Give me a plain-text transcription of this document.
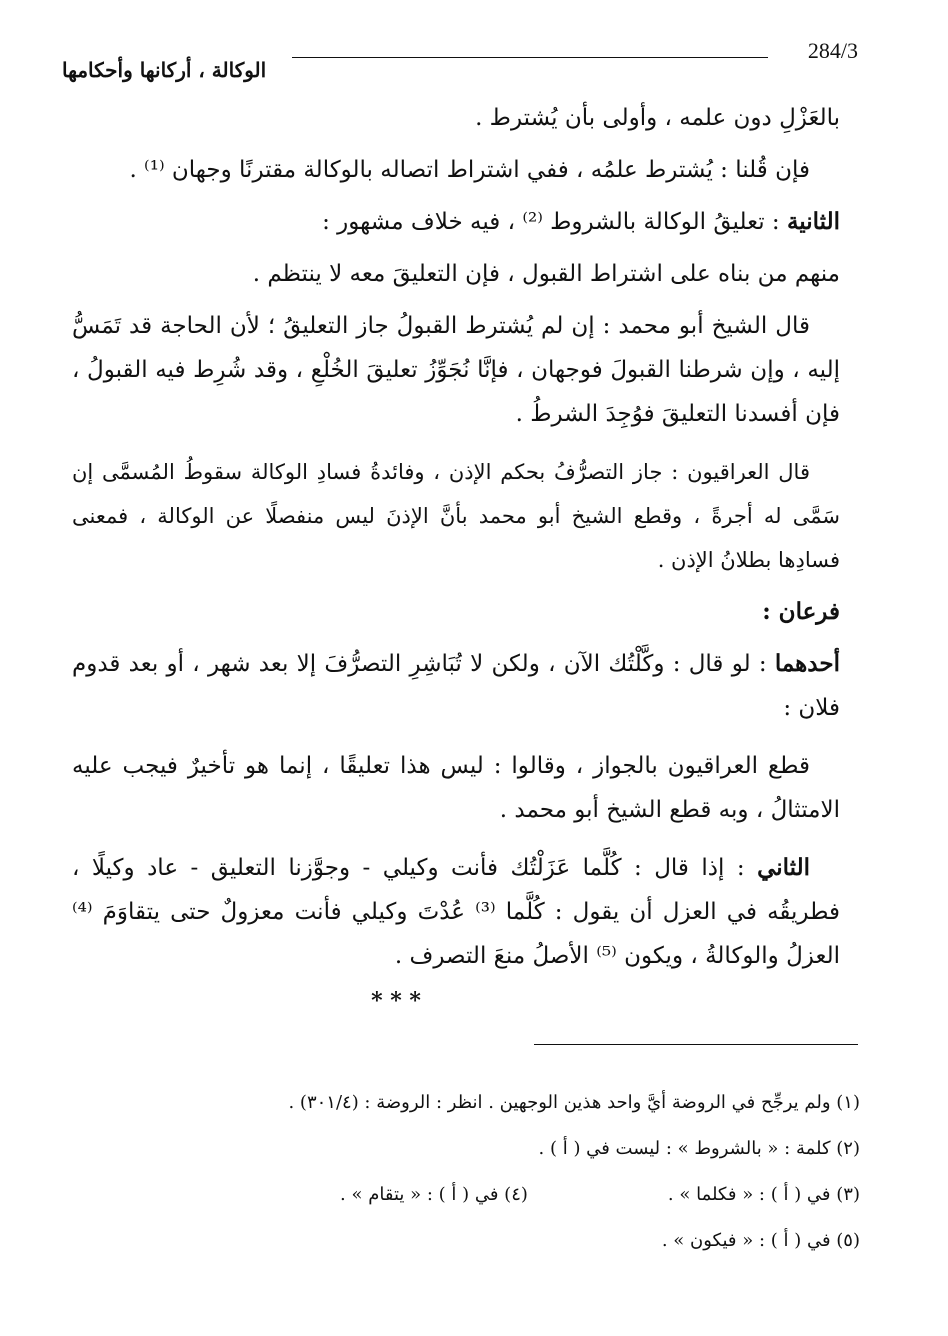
284/3
الوكالة ، أركانها وأحكامها

بالعَزْلِ دون علمه ، وأولى بأن يُشترط .

فإن قُلنا : يُشترط علمُه ، ففي اشتراط اتصاله بالوكالة مقترنًا وجهان ⁽¹⁾ .

الثانية : تعليقُ الوكالة بالشروط ⁽²⁾ ، فيه خلاف مشهور :

منهم من بناه على اشتراط القبول ، فإن التعليقَ معه لا ينتظم .

قال الشيخ أبو محمد : إن لم يُشترط القبولُ جاز التعليقُ ؛ لأن الحاجة قد تَمَسُّ إليه ، وإن شرطنا القبولَ فوجهان ، فإنَّا نُجَوِّزُ تعليقَ الخُلْعِ ، وقد شُرِط فيه القبولُ ، فإن أفسدنا التعليقَ فوُجِدَ الشرطُ .

قال العراقيون : جاز التصرُّفُ بحكم الإذن ، وفائدةُ فسادِ الوكالة سقوطُ المُسمَّى إن سَمَّى له أجرةً ، وقطع الشيخ أبو محمد بأنَّ الإذنَ ليس منفصلًا عن الوكالة ، فمعنى فسادِها بطلانُ الإذن .

فرعان :

أحدهما : لو قال : وكَّلْتُك الآن ، ولكن لا تُبَاشِرِ التصرُّفَ إلا بعد شهر ، أو بعد قدوم فلان :

قطع العراقيون بالجواز ، وقالوا : ليس هذا تعليقًا ، إنما هو تأخيرٌ فيجب عليه الامتثالُ ، وبه قطع الشيخ أبو محمد .

الثاني : إذا قال : كُلَّما عَزَلْتُك فأنت وكيلي - وجوَّزنا التعليق - عاد وكيلًا ، فطريقُه في العزل أن يقول : كُلَّما ⁽³⁾ عُدْتَ وكيلي فأنت معزولٌ حتى يتقاوَمَ ⁽⁴⁾ العزلُ والوكالةُ ، ويكون ⁽⁵⁾ الأصلُ منعَ التصرف .

* * *
(١) ولم يرجِّح في الروضة أيَّ واحد هذين الوجهين . انظر : الروضة : (٣٠١/٤) .
(٢) كلمة : « بالشروط » : ليست في ( أ ) .
(٣) في ( أ ) : « فكلما » .
(٤) في ( أ ) : « يتقام » .
(٥) في ( أ ) : « فيكون » .
